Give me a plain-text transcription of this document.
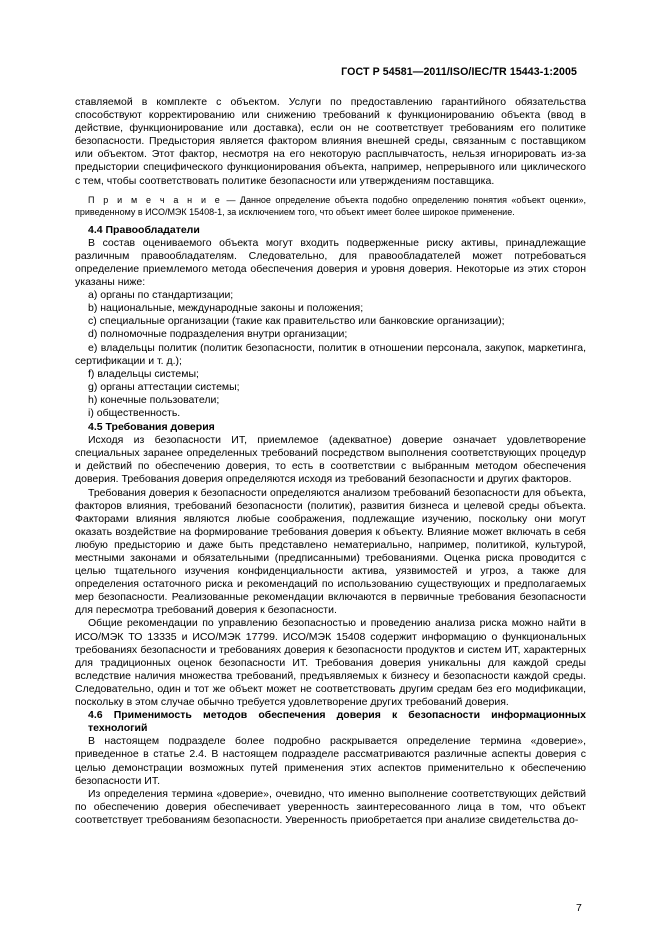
ГОСТ Р 54581—2011/ISO/IEC/TR 15443-1:2005

ставляемой в комплекте с объектом. Услуги по предоставлению гарантийного обязательства способствуют корректированию или снижению требований к функционированию объекта (ввод в действие, функционирование или доставка), если он не соответствует требованиям его политике безопасности. Предыстория является фактором влияния внешней среды, связанным с поставщиком или объектом. Этот фактор, несмотря на его некоторую расплывчатость, нельзя игнорировать из-за предыстории специфического функционирования объекта, например, непрерывного или циклического с тем, чтобы соответствовать политике безопасности или утверждениям поставщика.

П р и м е ч а н и е — Данное определение объекта подобно определению понятия «объект оценки», приведенному в ИСО/МЭК 15408-1, за исключением того, что объект имеет более широкое применение.

4.4 Правообладатели

В состав оцениваемого объекта могут входить подверженные риску активы, принадлежащие различным правообладателям. Следовательно, для правообладателей может потребоваться определение приемлемого метода обеспечения доверия и уровня доверия. Некоторые из этих сторон указаны ниже:

a) органы по стандартизации;

b) национальные, международные законы и положения;

c) специальные организации (такие как правительство или банковские организации);

d) полномочные подразделения внутри организации;

e) владельцы политик (политик безопасности, политик в отношении персонала, закупок, маркетинга, сертификации и т. д.);

f) владельцы системы;

g) органы аттестации системы;

h) конечные пользователи;

i) общественность.

4.5 Требования доверия

Исходя из безопасности ИТ, приемлемое (адекватное) доверие означает удовлетворение специальных заранее определенных требований посредством выполнения соответствующих процедур и действий по обеспечению доверия, то есть в соответствии с выбранным методом обеспечения доверия. Требования доверия определяются исходя из требований безопасности и других факторов.

Требования доверия к безопасности определяются анализом требований безопасности для объекта, факторов влияния, требований безопасности (политик), развития бизнеса и целевой среды объекта. Факторами влияния являются любые соображения, подлежащие изучению, поскольку они могут оказать воздействие на формирование требования доверия к объекту. Влияние может включать в себя любую предысторию и даже быть представлено нематериально, например, политикой, культурой, местными законами и обязательными (предписанными) требованиями. Оценка риска проводится с целью тщательного изучения конфиденциальности актива, уязвимостей и угроз, а также для определения остаточного риска и рекомендаций по использованию существующих и предполагаемых мер безопасности. Реализованные рекомендации включаются в первичные требования безопасности для пересмотра требований доверия к безопасности.

Общие рекомендации по управлению безопасностью и проведению анализа риска можно найти в ИСО/МЭК ТО 13335 и ИСО/МЭК 17799. ИСО/МЭК 15408 содержит информацию о функциональных требованиях безопасности и требованиях доверия к безопасности продуктов и систем ИТ, характерных для традиционных оценок безопасности ИТ. Требования доверия уникальны для каждой среды вследствие наличия множества требований, предъявляемых к бизнесу и безопасности каждой среды. Следовательно, один и тот же объект может не соответствовать другим средам без его модификации, поскольку в этом случае обычно требуется удовлетворение других требований доверия.

4.6 Применимость методов обеспечения доверия к безопасности информационных технологий

В настоящем подразделе более подробно раскрывается определение термина «доверие», приведенное в статье 2.4. В настоящем подразделе рассматриваются различные аспекты доверия с целью демонстрации возможных путей применения этих аспектов применительно к обеспечению безопасности ИТ.

Из определения термина «доверие», очевидно, что именно выполнение соответствующих действий по обеспечению доверия обеспечивает уверенность заинтересованного лица в том, что объект соответствует требованиям безопасности. Уверенность приобретается при анализе свидетельства до-

7
